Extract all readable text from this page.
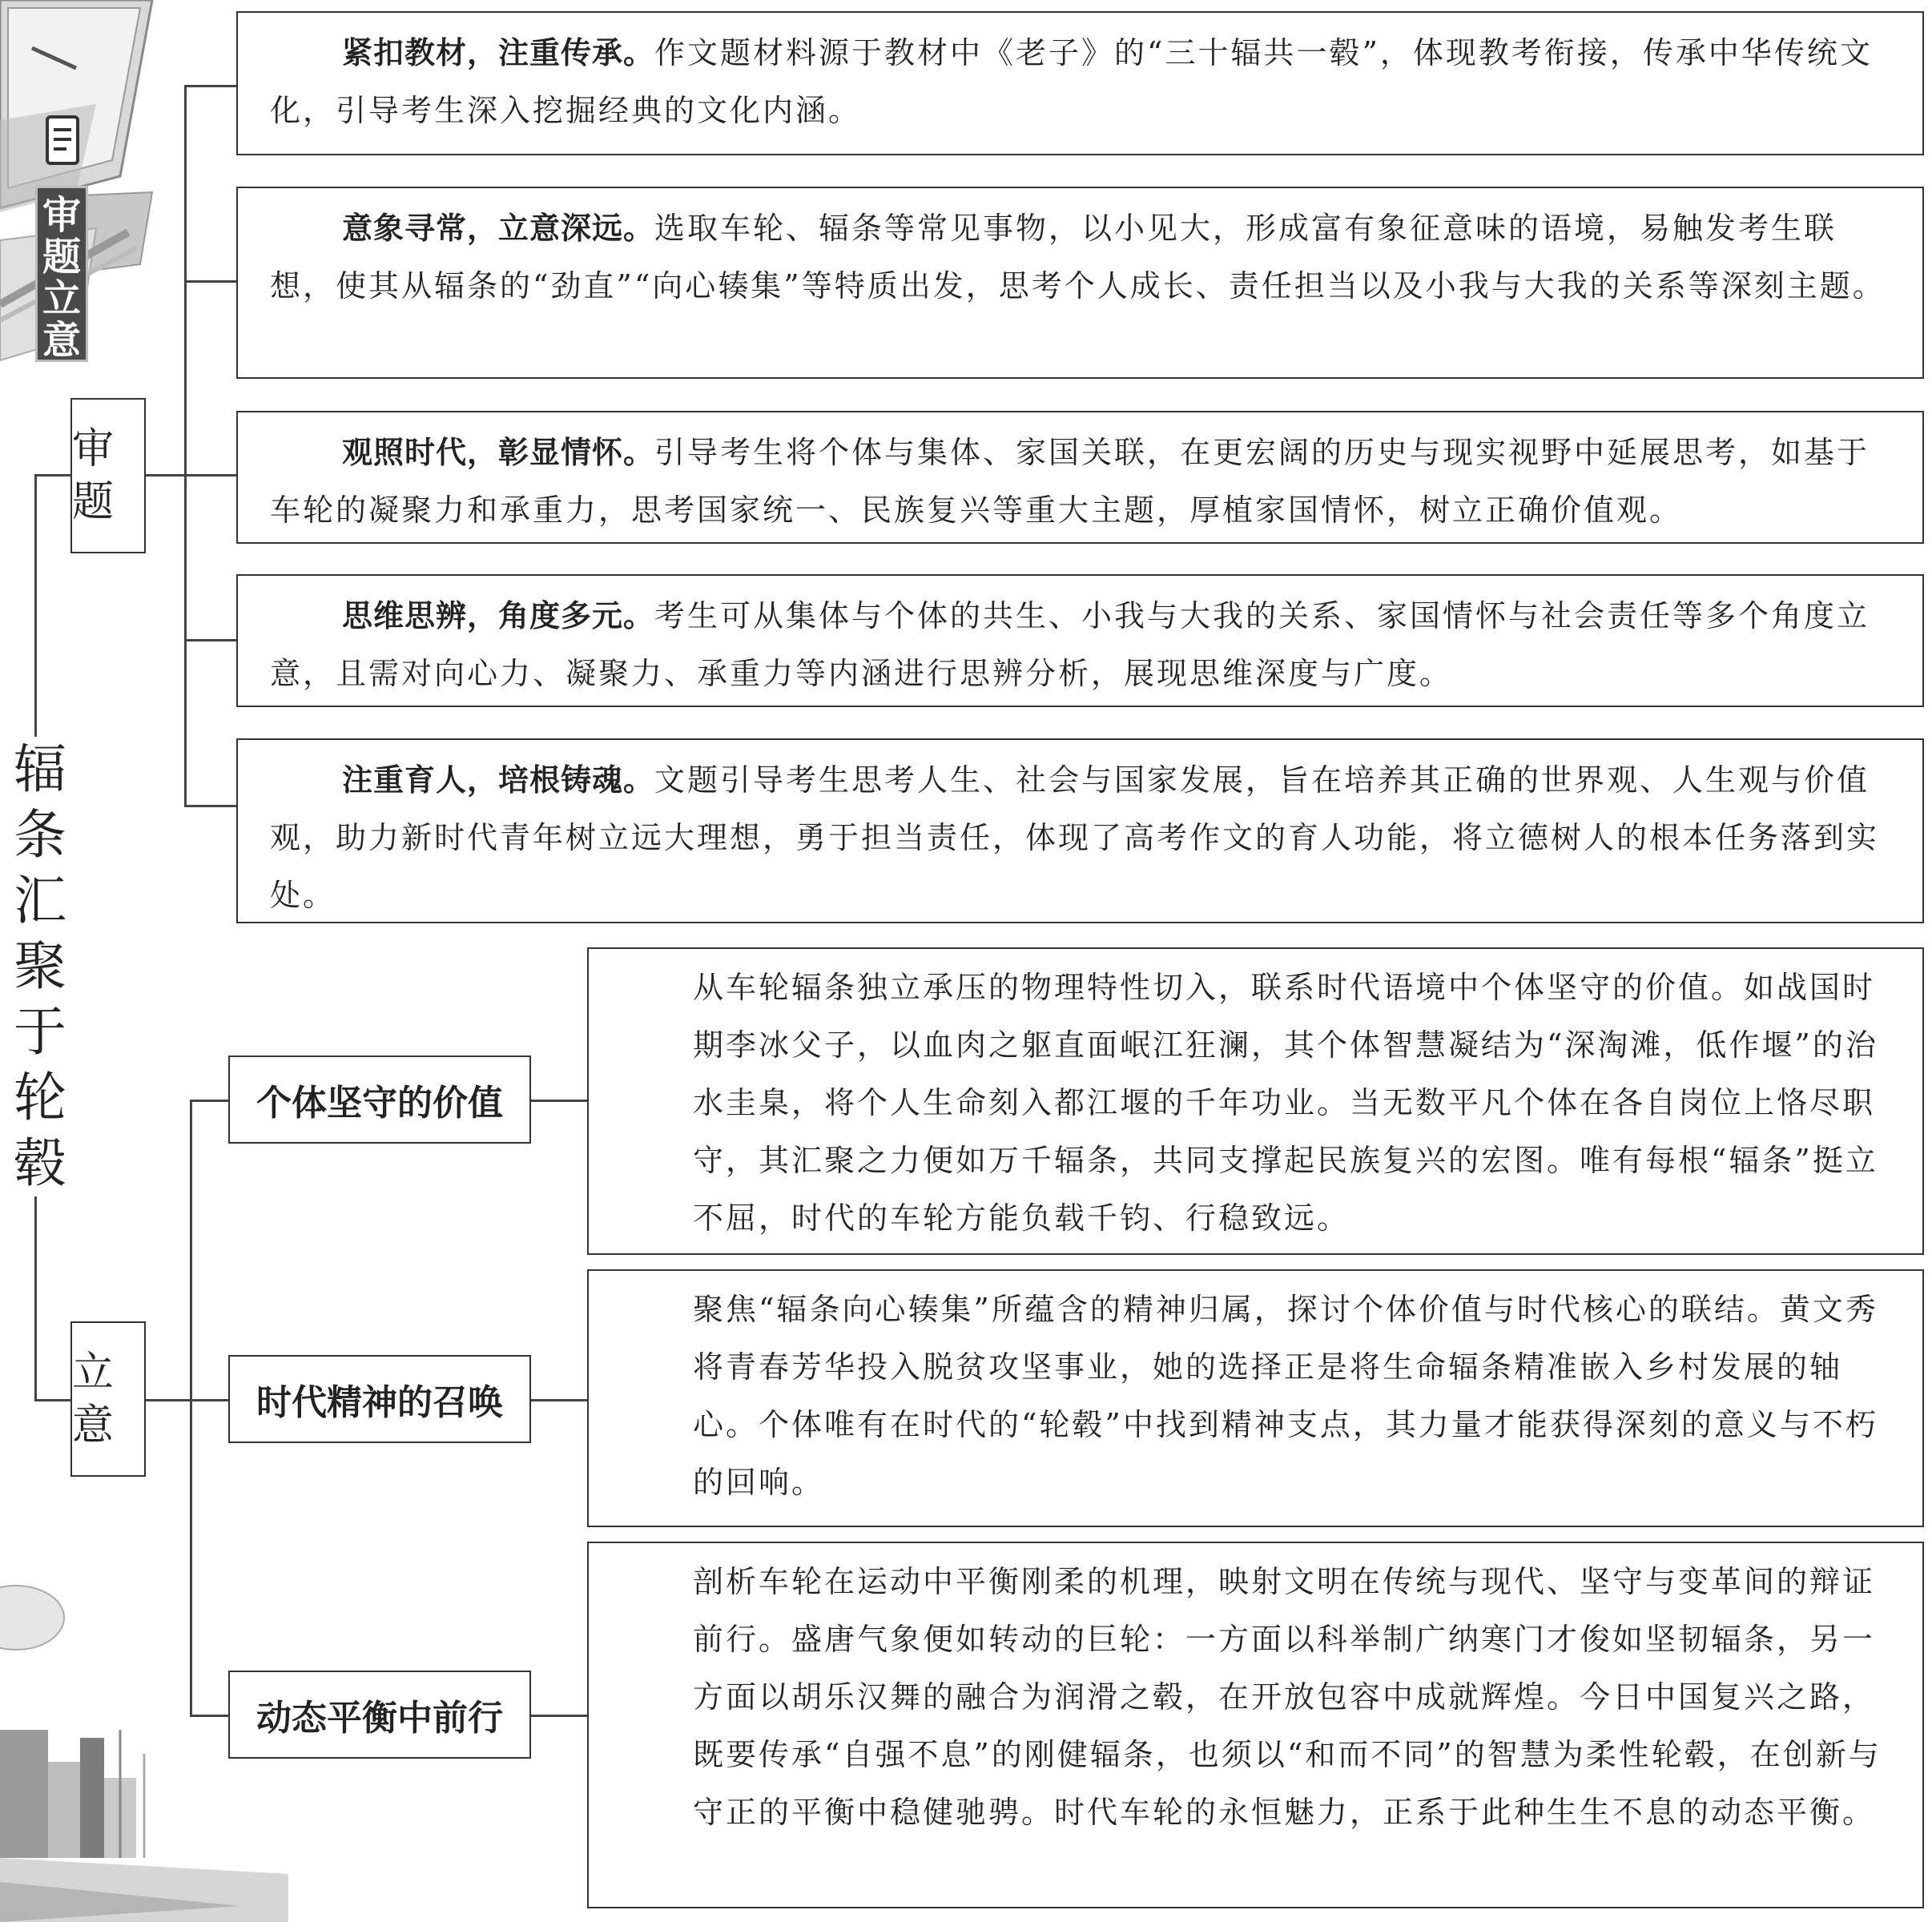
审题立意
辐条汇聚于轮毂
审题
立意
紧扣教材，注重传承。作文题材料源于教材中《老子》的“三十辐共一毂”，体现教考衔接，传承中华传统文化，引导考生深入挖掘经典的文化内涵。
意象寻常，立意深远。选取车轮、辐条等常见事物，以小见大，形成富有象征意味的语境，易触发考生联想，使其从辐条的“劲直”“向心辏集”等特质出发，思考个人成长、责任担当以及小我与大我的关系等深刻主题。
观照时代，彰显情怀。引导考生将个体与集体、家国关联，在更宏阔的历史与现实视野中延展思考，如基于车轮的凝聚力和承重力，思考国家统一、民族复兴等重大主题，厚植家国情怀，树立正确价值观。
思维思辨，角度多元。考生可从集体与个体的共生、小我与大我的关系、家国情怀与社会责任等多个角度立意，且需对向心力、凝聚力、承重力等内涵进行思辨分析，展现思维深度与广度。
注重育人，培根铸魂。文题引导考生思考人生、社会与国家发展，旨在培养其正确的世界观、人生观与价值观，助力新时代青年树立远大理想，勇于担当责任，体现了高考作文的育人功能，将立德树人的根本任务落到实处。
个体坚守的价值
时代精神的召唤
动态平衡中前行
从车轮辐条独立承压的物理特性切入，联系时代语境中个体坚守的价值。如战国时期李冰父子，以血肉之躯直面岷江狂澜，其个体智慧凝结为“深淘滩，低作堰”的治水圭臬，将个人生命刻入都江堰的千年功业。当无数平凡个体在各自岗位上恪尽职守，其汇聚之力便如万千辐条，共同支撑起民族复兴的宏图。唯有每根“辐条”挺立不屈，时代的车轮方能负载千钧、行稳致远。
聚焦“辐条向心辏集”所蕴含的精神归属，探讨个体价值与时代核心的联结。黄文秀将青春芳华投入脱贫攻坚事业，她的选择正是将生命辐条精准嵌入乡村发展的轴心。个体唯有在时代的“轮毂”中找到精神支点，其力量才能获得深刻的意义与不朽的回响。
剖析车轮在运动中平衡刚柔的机理，映射文明在传统与现代、坚守与变革间的辩证前行。盛唐气象便如转动的巨轮：一方面以科举制广纳寒门才俊如坚韧辐条，另一方面以胡乐汉舞的融合为润滑之毂，在开放包容中成就辉煌。今日中国复兴之路，既要传承“自强不息”的刚健辐条，也须以“和而不同”的智慧为柔性轮毂，在创新与守正的平衡中稳健驰骋。时代车轮的永恒魅力，正系于此种生生不息的动态平衡。
